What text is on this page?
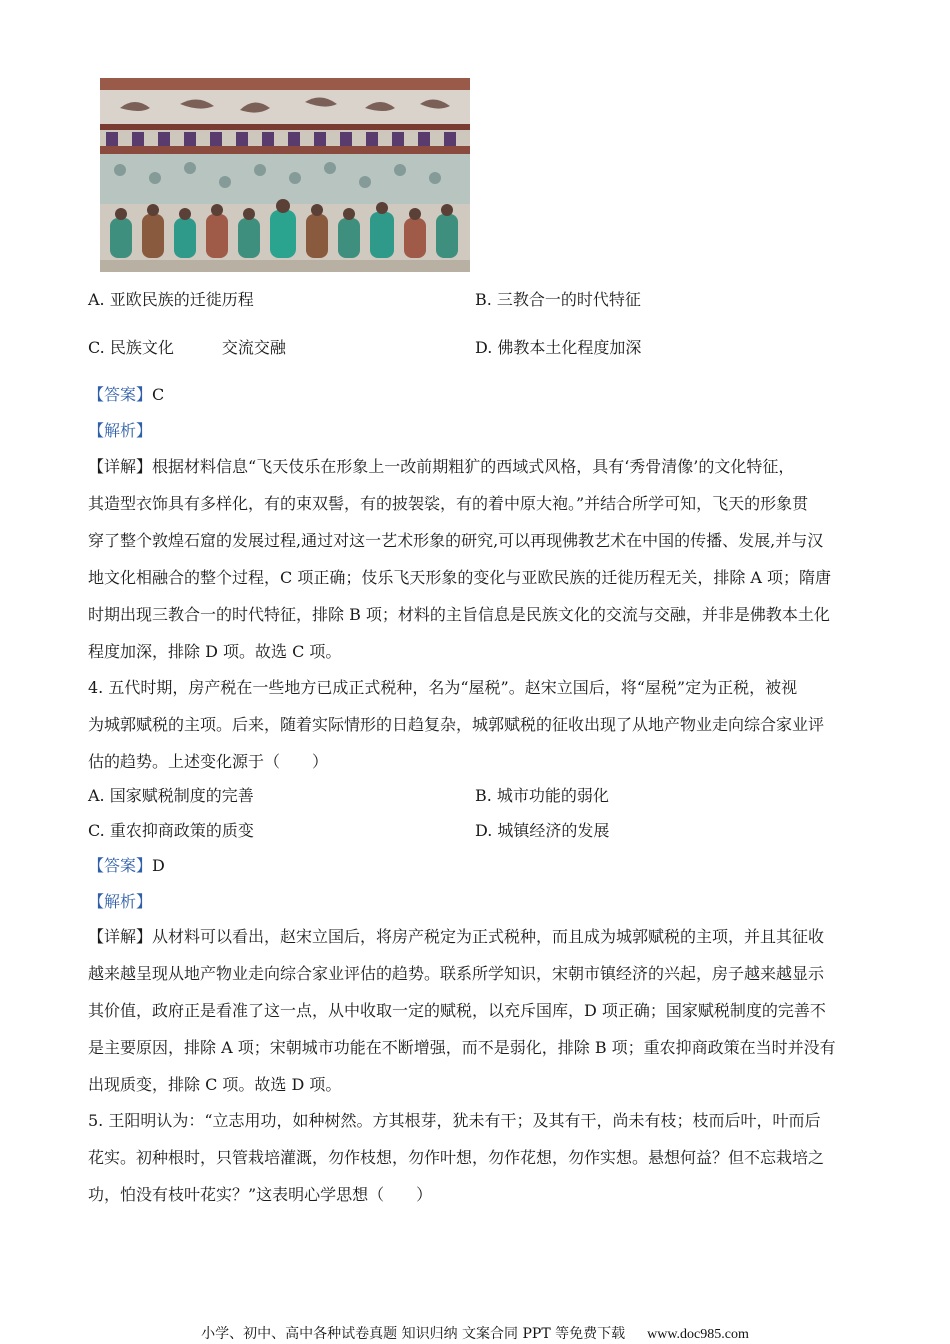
A. 亚欧民族的迁徙历程	B. 三教合一的时代特征
C. 民族文化	交流交融	D. 佛教本土化程度加深
【答案】C
【解析】
【详解】根据材料信息“飞天伎乐在形象上一改前期粗犷的西域式风格，具有‘秀骨清像’的文化特征，
其造型衣饰具有多样化，有的束双髻，有的披袈裟，有的着中原大袍。”并结合所学可知，飞天的形象贯
穿了整个敦煌石窟的发展过程,通过对这一艺术形象的研究,可以再现佛教艺术在中国的传播、发展,并与汉
地文化相融合的整个过程，C 项正确；伎乐飞天形象的变化与亚欧民族的迁徙历程无关，排除 A 项；隋唐
时期出现三教合一的时代特征，排除 B 项；材料的主旨信息是民族文化的交流与交融，并非是佛教本土化
程度加深，排除 D 项。故选 C 项。
4. 五代时期，房产税在一些地方已成正式税种，名为“屋税”。赵宋立国后，将“屋税”定为正税，被视
为城郭赋税的主项。后来，随着实际情形的日趋复杂，城郭赋税的征收出现了从地产物业走向综合家业评
估的趋势。上述变化源于（　　）
A. 国家赋税制度的完善	B. 城市功能的弱化
C. 重农抑商政策的质变	D. 城镇经济的发展
【答案】D
【解析】
【详解】从材料可以看出，赵宋立国后，将房产税定为正式税种，而且成为城郭赋税的主项，并且其征收
越来越呈现从地产物业走向综合家业评估的趋势。联系所学知识，宋朝市镇经济的兴起，房子越来越显示
其价值，政府正是看准了这一点，从中收取一定的赋税，以充斥国库，D 项正确；国家赋税制度的完善不
是主要原因，排除 A 项；宋朝城市功能在不断增强，而不是弱化，排除 B 项；重农抑商政策在当时并没有
出现质变，排除 C 项。故选 D 项。
5. 王阳明认为：“立志用功，如种树然。方其根芽，犹未有干；及其有干，尚未有枝；枝而后叶，叶而后
花实。初种根时，只管栽培灌溉，勿作枝想，勿作叶想，勿作花想，勿作实想。悬想何益？但不忘栽培之
功，怕没有枝叶花实？”这表明心学思想（　　）
小学、初中、高中各种试卷真题 知识归纳 文案合同 PPT 等免费下载 www.doc985.com
